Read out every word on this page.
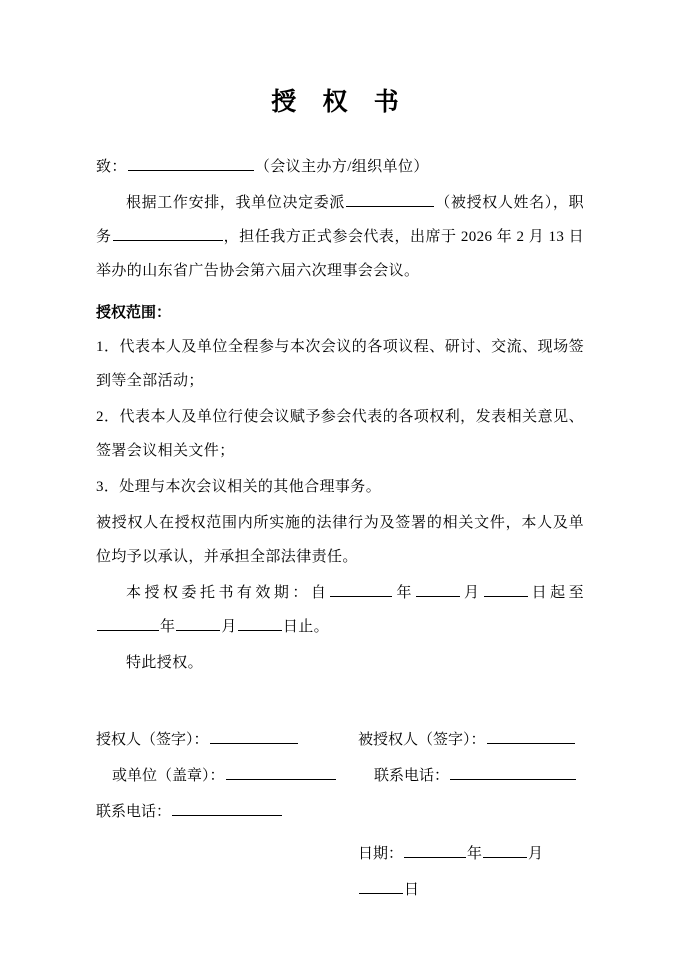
授 权 书

致：	（会议主办方/组织单位）

根据工作安排，我单位决定委派	（被授权人姓名），职务	，担任我方正式参会代表，出席于 2026 年 2 月 13 日举办的山东省广告协会第六届六次理事会会议。

授权范围：

1．代表本人及单位全程参与本次会议的各项议程、研讨、交流、现场签到等全部活动；

2．代表本人及单位行使会议赋予参会代表的各项权利，发表相关意见、签署会议相关文件；

3．处理与本次会议相关的其他合理事务。

被授权人在授权范围内所实施的法律行为及签署的相关文件，本人及单位均予以承认，并承担全部法律责任。

本授权委托书有效期：自	年	月	日起至年	月	日止。

特此授权。

授权人（签字）：	被授权人（签字）：
或单位（盖章）：	联系电话：
联系电话：
日期：	年	月日
